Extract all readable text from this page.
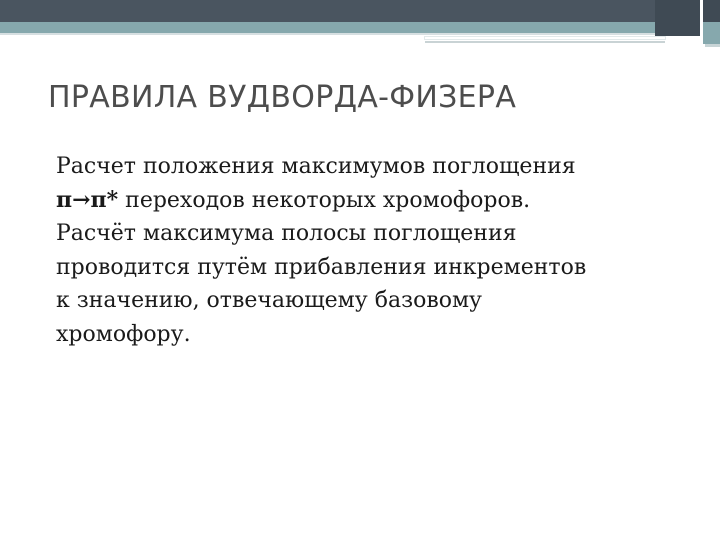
ПРАВИЛА ВУДВОРДА-ФИЗЕРА

Расчет положения максимумов поглощения
π→π* переходов некоторых хромофоров.
Расчёт максимума полосы поглощения
проводится путём прибавления инкрементов
к значению, отвечающему базовому
хромофору.
